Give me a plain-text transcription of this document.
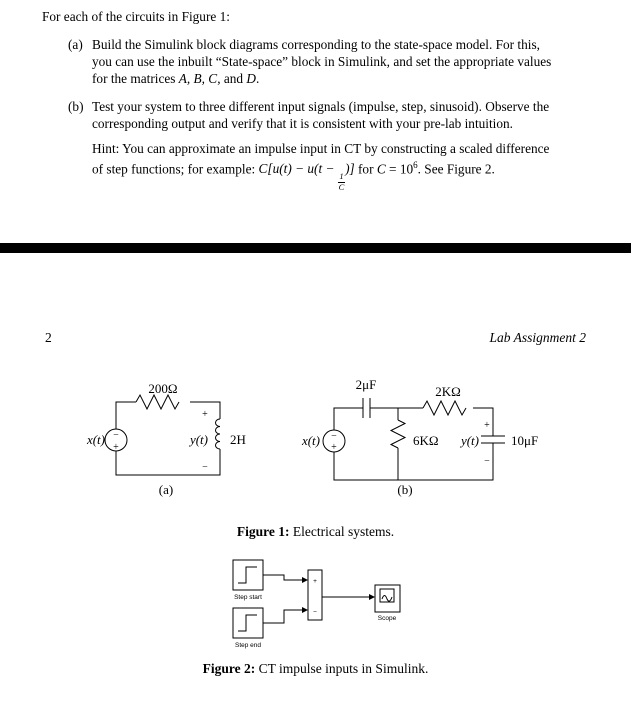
For each of the circuits in Figure 1:

(a) Build the Simulink block diagrams corresponding to the state-space model. For this, you can use the inbuilt “State-space” block in Simulink, and set the appropriate values for the matrices A, B, C, and D.
(b) Test your system to three different input signals (impulse, step, sinusoid). Observe the corresponding output and verify that it is consistent with your pre-lab intuition.

Hint: You can approximate an impulse input in CT by constructing a scaled difference of step functions; for example: C[u(t) − u(t −
$\frac{1}{C}$
)] for $C = 10^6$. See Figure 2.

2	Lab Assignment 2
x(t) −
+
200Ω
+
y(t)
−
2H
(a)
x(t) −
+
2μF	2KΩ
6KΩ y(t)
+
−
10μF
(b)
Figure 1: Electrical systems.
Step start
Step end
+
−
Scope
Figure 2: CT impulse inputs in Simulink.
